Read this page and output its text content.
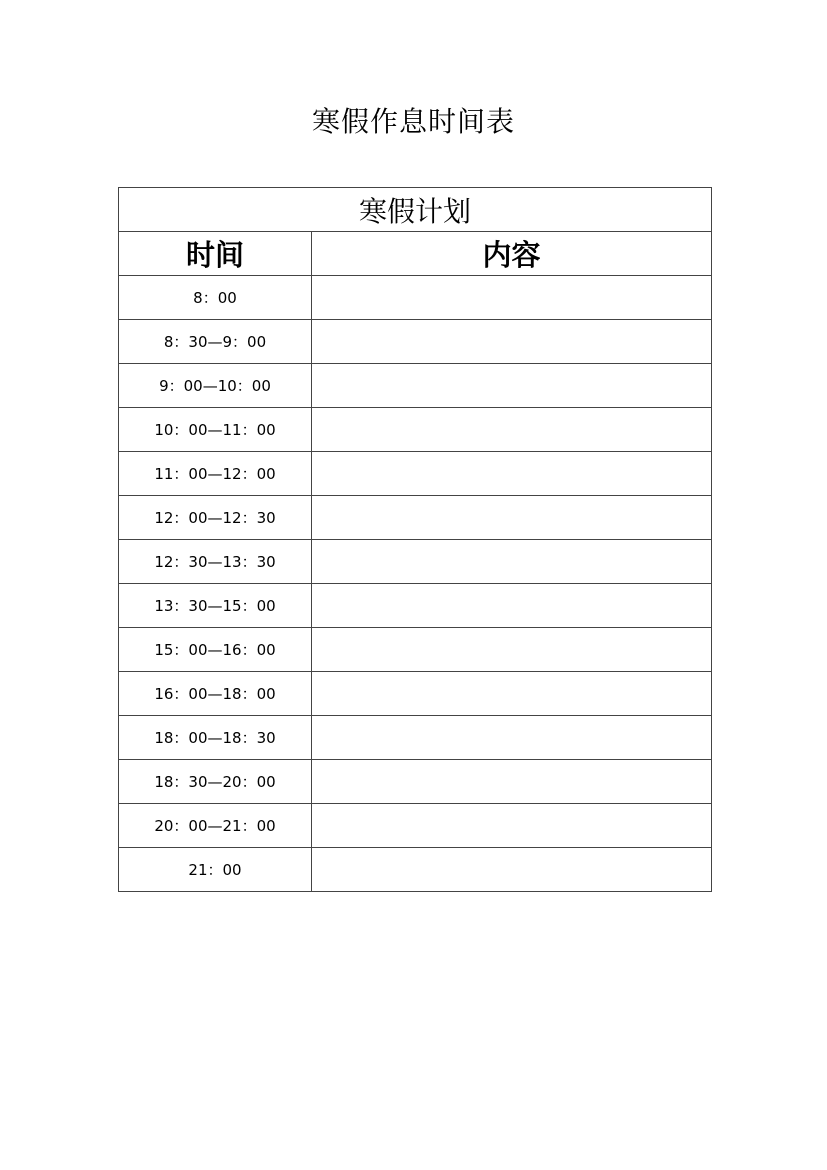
寒假作息时间表
寒假计划	
时间	内容
8：00	
8：30—9：00	
9：00—10：00	
10：00—11：00	
11：00—12：00	
12：00—12：30	
12：30—13：30	
13：30—15：00	
15：00—16：00	
16：00—18：00	
18：00—18：30	
18：30—20：00	
20：00—21：00	
21：00	
